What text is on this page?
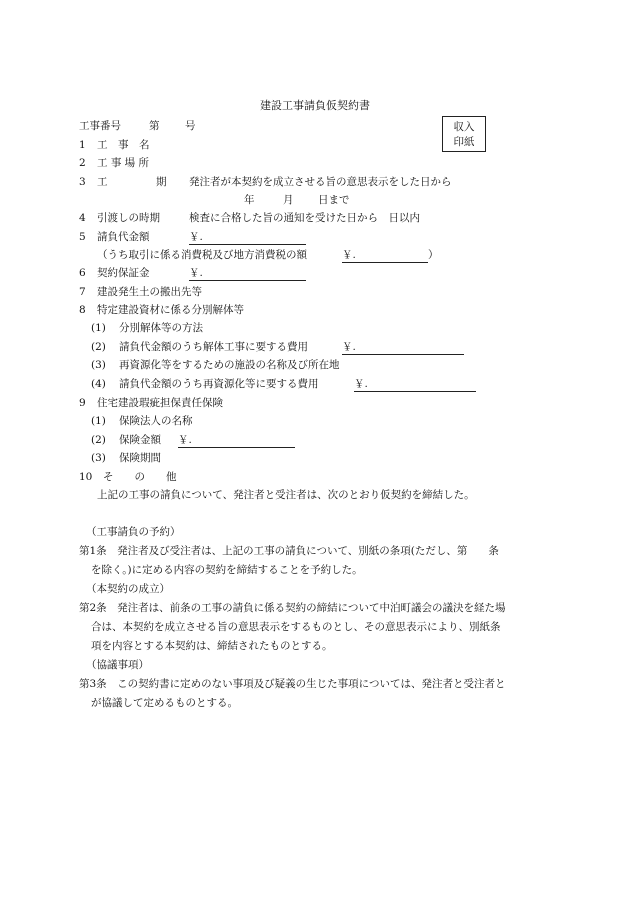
建設工事請負仮契約書
収入
印紙
工事番号	第 号
1 工　事　名
2 工 事 場 所
3 工	期 発注者が本契約を成立させる旨の意思表示をした日から
年	月 日まで
4 引渡しの時期	検査に合格した旨の通知を受けた日から　日以内
5 請負代金額	￥.
（うち取引に係る消費税及び地方消費税の額	￥.	）
6 契約保証金	￥.
7 建設発生土の搬出先等
8 特定建設資材に係る分別解体等
(1) 分別解体等の方法
(2) 請負代金額のうち解体工事に要する費用	￥.
(3) 再資源化等をするための施設の名称及び所在地
(4) 請負代金額のうち再資源化等に要する費用	￥.
9 住宅建設瑕疵担保責任保険
(1) 保険法人の名称
(2) 保険金額 ￥.
(3) 保険期間
10 そ　　の　　他
上記の工事の請負について、発注者と受注者は、次のとおり仮契約を締結した。
（工事請負の予約）
第1条　発注者及び受注者は、上記の工事の請負について、別紙の条項(ただし、第　　条
を除く。)に定める内容の契約を締結することを予約した。
（本契約の成立）
第2条　発注者は、前条の工事の請負に係る契約の締結について中泊町議会の議決を経た場
合は、本契約を成立させる旨の意思表示をするものとし、その意思表示により、別紙条
項を内容とする本契約は、締結されたものとする。
（協議事項）
第3条　この契約書に定めのない事項及び疑義の生じた事項については、発注者と受注者と
が協議して定めるものとする。
